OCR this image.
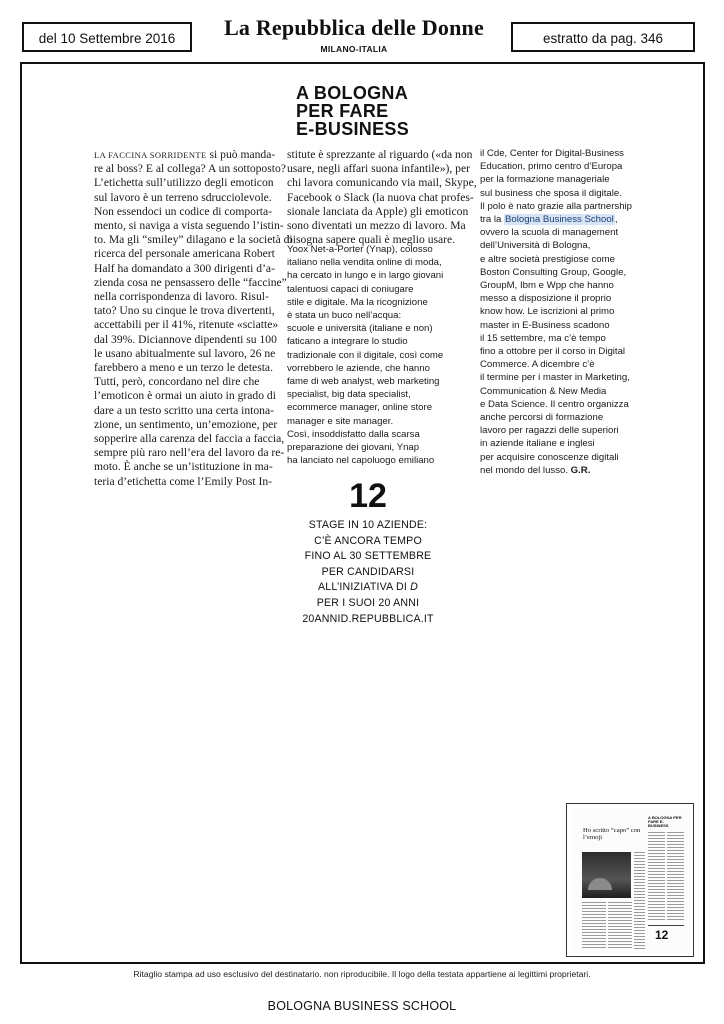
del 10 Settembre 2016	La Repubblica delle Donne
MILANO-ITALIA
estratto da pag. 346
A BOLOGNA
PER FARE
E-BUSINESS
LA FACCINA SORRIDENTE si può manda-
re al boss? E al collega? A un sottoposto?
L’etichetta sull’utilizzo degli emoticon
sul lavoro è un terreno sdrucciolevole.
Non essendoci un codice di comporta-
mento, si naviga a vista seguendo l’istin-
to. Ma gli “smiley” dilagano e la società di
ricerca del personale americana Robert
Half ha domandato a 300 dirigenti d’a-
zienda cosa ne pensassero delle “faccine”
nella corrispondenza di lavoro. Risul-
tato? Uno su cinque le trova divertenti,
accettabili per il 41%, ritenute «sciatte»
dal 39%. Diciannove dipendenti su 100
le usano abitualmente sul lavoro, 26 ne
farebbero a meno e un terzo le detesta.
Tutti, però, concordano nel dire che
l’emoticon è ormai un aiuto in grado di
dare a un testo scritto una certa intona-
zione, un sentimento, un’emozione, per
sopperire alla carenza del faccia a faccia,
sempre più raro nell’era del lavoro da re-
moto. È anche se un’istituzione in ma-
teria d’etichetta come l’Emily Post In-
stitute è sprezzante al riguardo («da non
usare, negli affari suona infantile»), per
chi lavora comunicando via mail, Skype,
Facebook o Slack (la nuova chat profes-
sionale lanciata da Apple) gli emoticon
sono diventati un mezzo di lavoro. Ma
bisogna sapere quali è meglio usare.
Yoox Net-a-Porter (Ynap), colosso
italiano nella vendita online di moda,
ha cercato in lungo e in largo giovani
talentuosi capaci di coniugare
stile e digitale. Ma la ricognizione
è stata un buco nell’acqua:
scuole e università (italiane e non)
faticano a integrare lo studio
tradizionale con il digitale, così come
vorrebbero le aziende, che hanno
fame di web analyst, web marketing
specialist, big data specialist,
ecommerce manager, online store
manager e site manager.
Così, insoddisfatto dalla scarsa
preparazione dei giovani, Ynap
ha lanciato nel capoluogo emiliano
il Cde, Center for Digital-Business
Education, primo centro d’Europa
per la formazione manageriale
sul business che sposa il digitale.
Il polo è nato grazie alla partnership
tra la Bologna Business School,
ovvero la scuola di management
dell’Università di Bologna,
e altre società prestigiose come
Boston Consulting Group, Google,
GroupM, Ibm e Wpp che hanno
messo a disposizione il proprio
know how. Le iscrizioni al primo
master in E-Business scadono
il 15 settembre, ma c’è tempo
fino a ottobre per il corso in Digital
Commerce. A dicembre c’è
il termine per i master in Marketing,
Communication & New Media
e Data Science. Il centro organizza
anche percorsi di formazione
lavoro per ragazzi delle superiori
in aziende italiane e inglesi
per acquisire conoscenze digitali
nel mondo del lusso. G.R.
12
STAGE IN 10 AZIENDE:
C’È ANCORA TEMPO
FINO AL 30 SETTEMBRE
PER CANDIDARSI
ALL’INIZIATIVA DI D
PER I SUOI 20 ANNI
20ANNID.REPUBBLICA.IT
Ho scritto “capo” con l’emoji
A BOLOGNA PER FARE E-BUSINESS
12
Ritaglio stampa ad uso esclusivo del destinatario. non riproducibile. Il logo della testata appartiene ai legittimi proprietari.
BOLOGNA BUSINESS SCHOOL
